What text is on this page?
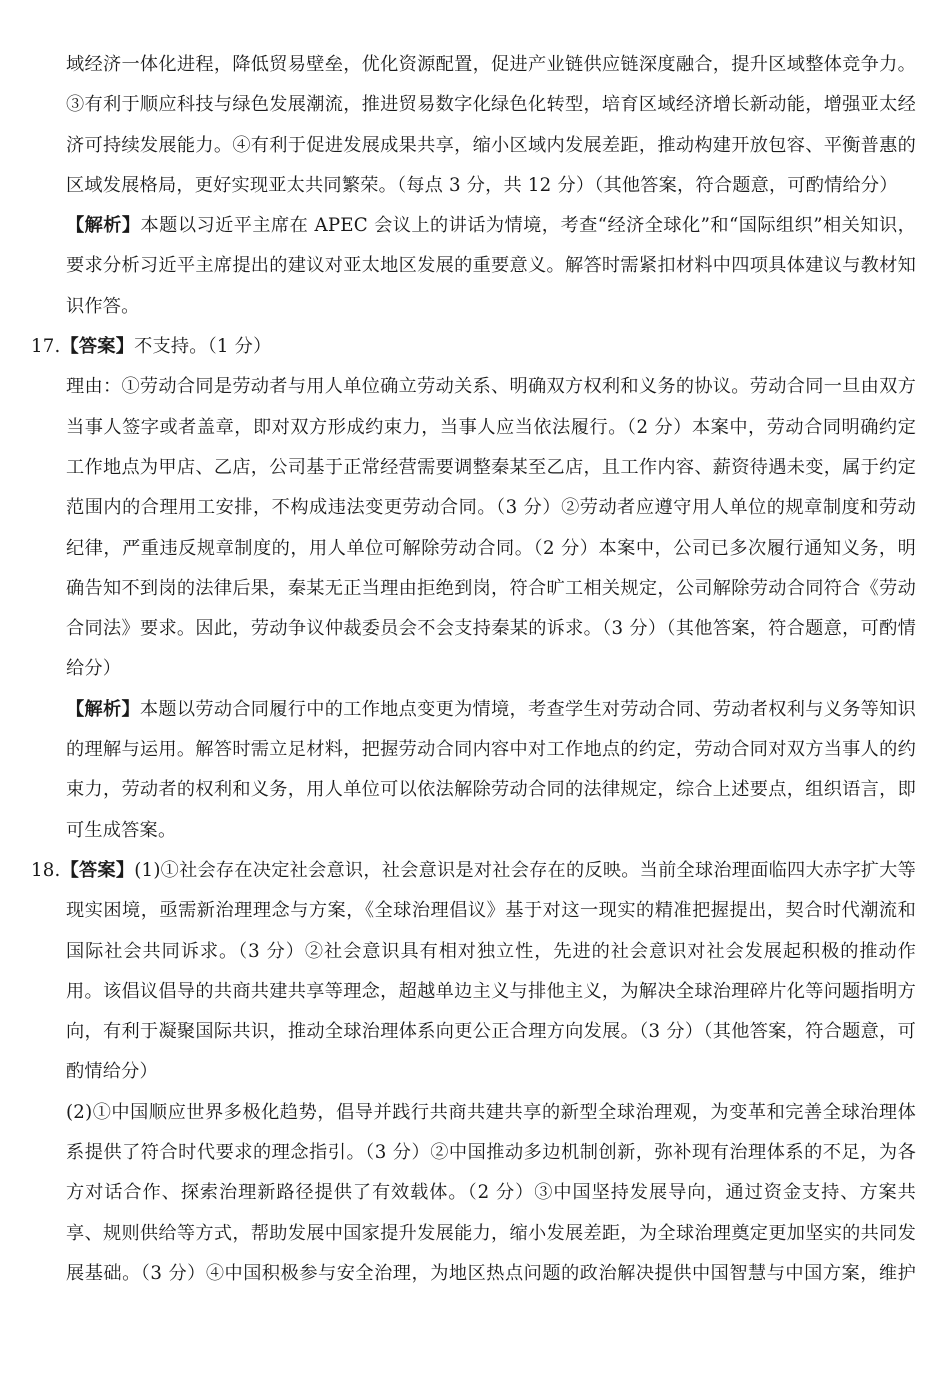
域经济一体化进程，降低贸易壁垒，优化资源配置，促进产业链供应链深度融合，提升区域整体竞争力。③有利于顺应科技与绿色发展潮流，推进贸易数字化绿色化转型，培育区域经济增长新动能，增强亚太经济可持续发展能力。④有利于促进发展成果共享，缩小区域内发展差距，推动构建开放包容、平衡普惠的区域发展格局，更好实现亚太共同繁荣。（每点 3 分，共 12 分）（其他答案，符合题意，可酌情给分）

【解析】本题以习近平主席在 APEC 会议上的讲话为情境，考查“经济全球化”和“国际组织”相关知识，要求分析习近平主席提出的建议对亚太地区发展的重要意义。解答时需紧扣材料中四项具体建议与教材知识作答。

17.【答案】不支持。（1 分）

理由：①劳动合同是劳动者与用人单位确立劳动关系、明确双方权利和义务的协议。劳动合同一旦由双方当事人签字或者盖章，即对双方形成约束力，当事人应当依法履行。（2 分）本案中，劳动合同明确约定工作地点为甲店、乙店，公司基于正常经营需要调整秦某至乙店，且工作内容、薪资待遇未变，属于约定范围内的合理用工安排，不构成违法变更劳动合同。（3 分）②劳动者应遵守用人单位的规章制度和劳动纪律，严重违反规章制度的，用人单位可解除劳动合同。（2 分）本案中，公司已多次履行通知义务，明确告知不到岗的法律后果，秦某无正当理由拒绝到岗，符合旷工相关规定，公司解除劳动合同符合《劳动合同法》要求。因此，劳动争议仲裁委员会不会支持秦某的诉求。（3 分）（其他答案，符合题意，可酌情给分）

【解析】本题以劳动合同履行中的工作地点变更为情境，考查学生对劳动合同、劳动者权利与义务等知识的理解与运用。解答时需立足材料，把握劳动合同内容中对工作地点的约定，劳动合同对双方当事人的约束力，劳动者的权利和义务，用人单位可以依法解除劳动合同的法律规定，综合上述要点，组织语言，即可生成答案。

18.【答案】(1)①社会存在决定社会意识，社会意识是对社会存在的反映。当前全球治理面临四大赤字扩大等现实困境，亟需新治理理念与方案，《全球治理倡议》基于对这一现实的精准把握提出，契合时代潮流和国际社会共同诉求。（3 分）②社会意识具有相对独立性，先进的社会意识对社会发展起积极的推动作用。该倡议倡导的共商共建共享等理念，超越单边主义与排他主义，为解决全球治理碎片化等问题指明方向，有利于凝聚国际共识，推动全球治理体系向更公正合理方向发展。（3 分）（其他答案，符合题意，可酌情给分）

(2)①中国顺应世界多极化趋势，倡导并践行共商共建共享的新型全球治理观，为变革和完善全球治理体系提供了符合时代要求的理念指引。（3 分）②中国推动多边机制创新，弥补现有治理体系的不足，为各方对话合作、探索治理新路径提供了有效载体。（2 分）③中国坚持发展导向，通过资金支持、方案共享、规则供给等方式，帮助发展中国家提升发展能力，缩小发展差距，为全球治理奠定更加坚实的共同发展基础。（3 分）④中国积极参与安全治理，为地区热点问题的政治解决提供中国智慧与中国方案，维护
